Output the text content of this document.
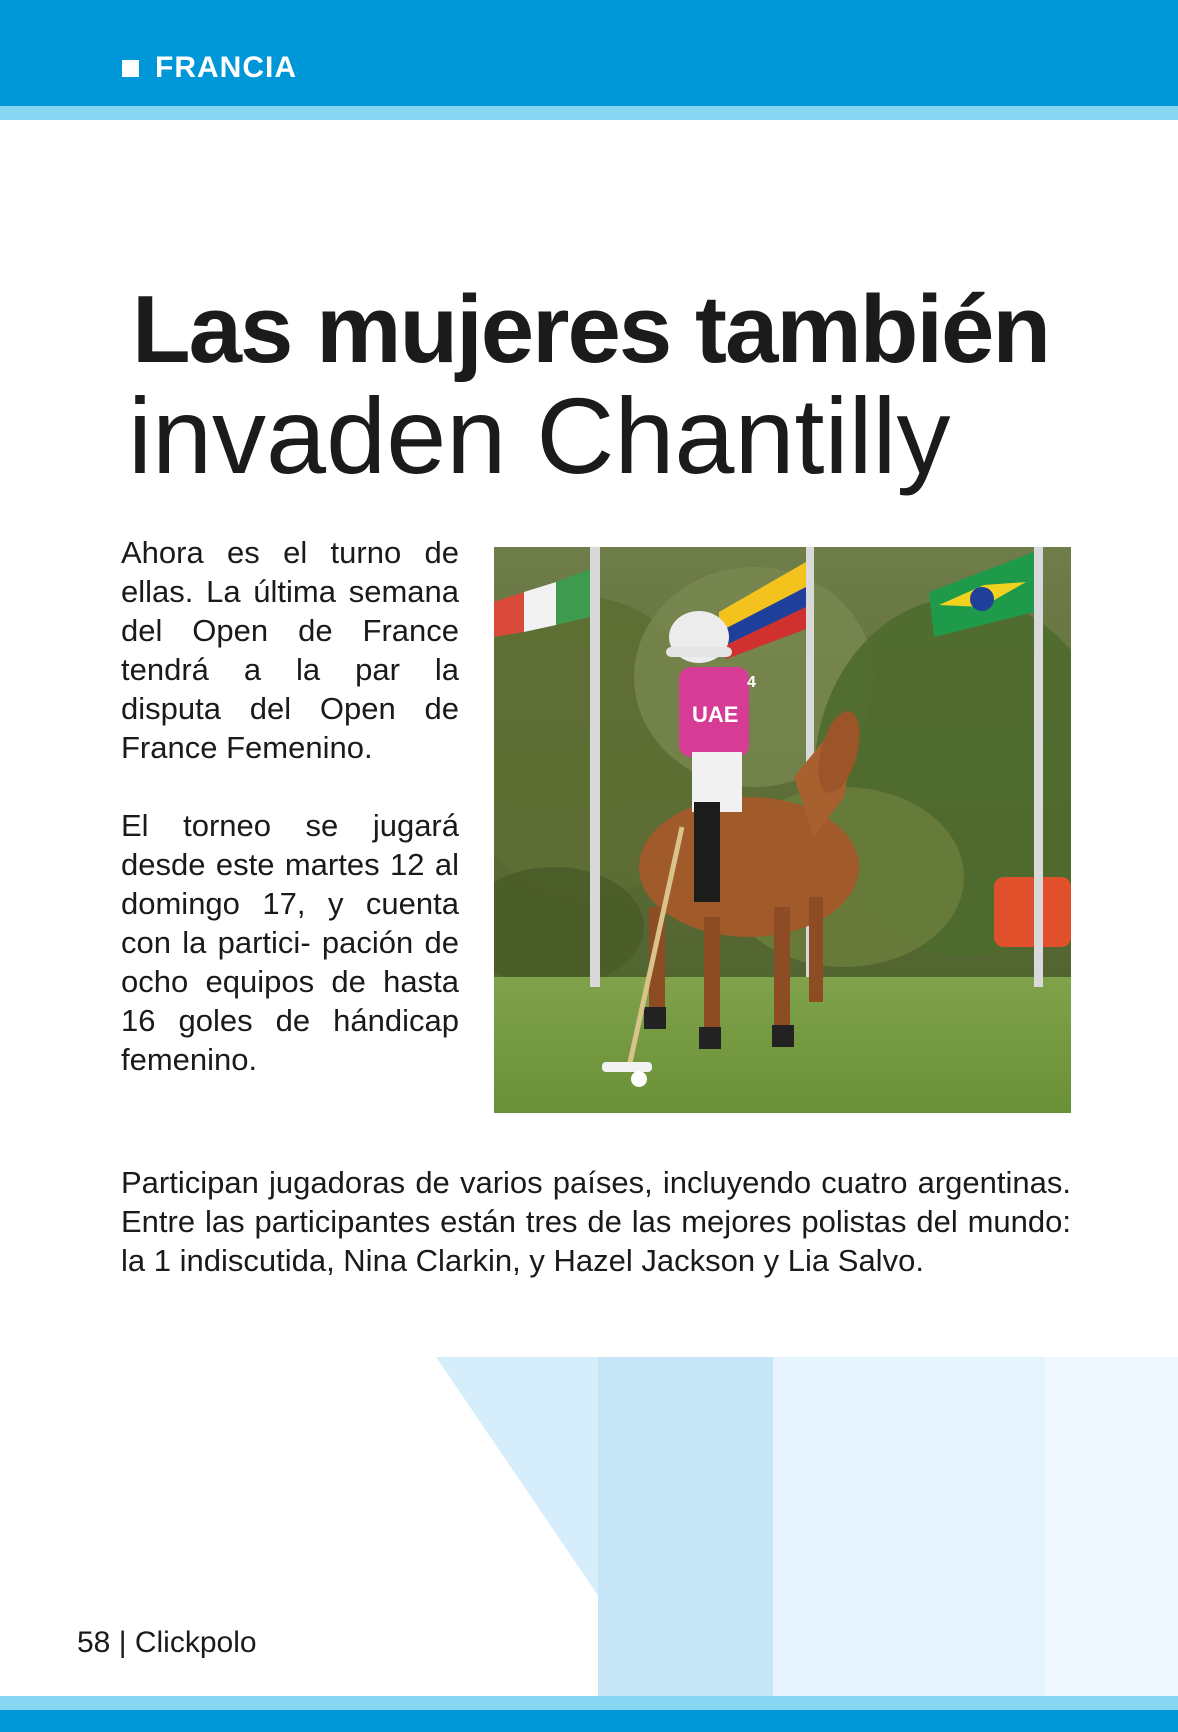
FRANCIA
Las mujeres también
invaden Chantilly

Ahora es el turno de ellas. La última semana del Open de France tendrá a la par la disputa del Open de France Femenino.

El torneo se jugará desde este martes 12 al domingo 17, y cuenta con la partici- pación de ocho equipos de hasta 16 goles de hándicap femenino.

UAE
4

Participan jugadoras de varios países, incluyendo cuatro argentinas. Entre las participantes están tres de las mejores polistas del mundo: la 1 indiscutida, Nina Clarkin, y Hazel Jackson y Lia Salvo.

58 | Clickpolo
